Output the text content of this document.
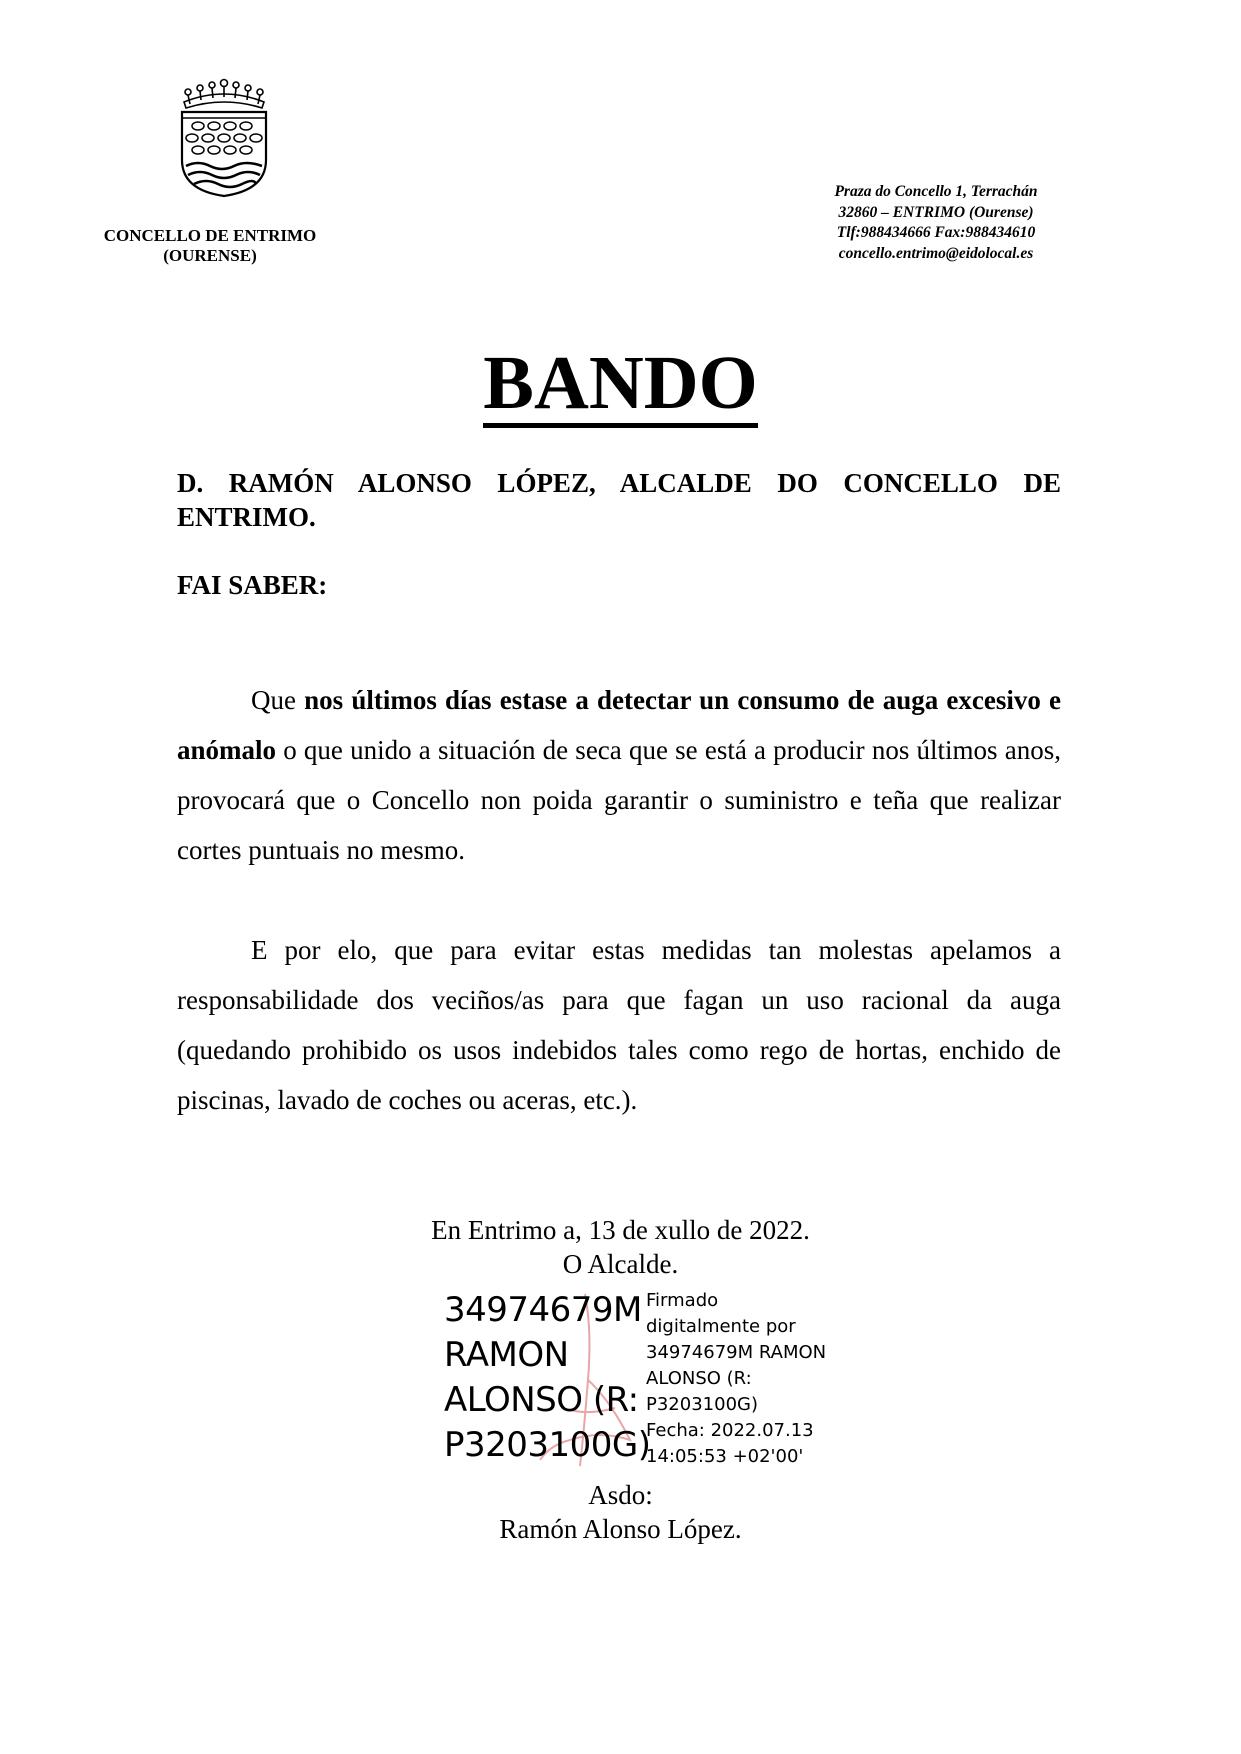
CONCELLO DE ENTRIMO
(OURENSE)
Praza do Concello 1, Terrachán
32860 – ENTRIMO (Ourense)
Tlf:988434666 Fax:988434610
concello.entrimo@eidolocal.es
BANDO
D. RAMÓN ALONSO LÓPEZ, ALCALDE DO CONCELLO DE ENTRIMO.
FAI SABER:
Que nos últimos días estase a detectar un consumo de auga excesivo e anómalo o que unido a situación de seca que se está a producir nos últimos anos, provocará que o Concello non poida garantir o suministro e teña que realizar cortes puntuais no mesmo.
E por elo, que para evitar estas medidas tan molestas apelamos a responsabilidade dos veciños/as para que fagan un uso racional da auga (quedando prohibido os usos indebidos tales como rego de hortas, enchido de piscinas, lavado de coches ou aceras, etc.).
En Entrimo a, 13 de xullo de 2022.
O Alcalde.
34974679M
RAMON
ALONSO (R:
P3203100G)
Firmado
digitalmente por
34974679M RAMON
ALONSO (R:
P3203100G)
Fecha: 2022.07.13
14:05:53 +02'00'
Asdo:
Ramón Alonso López.
